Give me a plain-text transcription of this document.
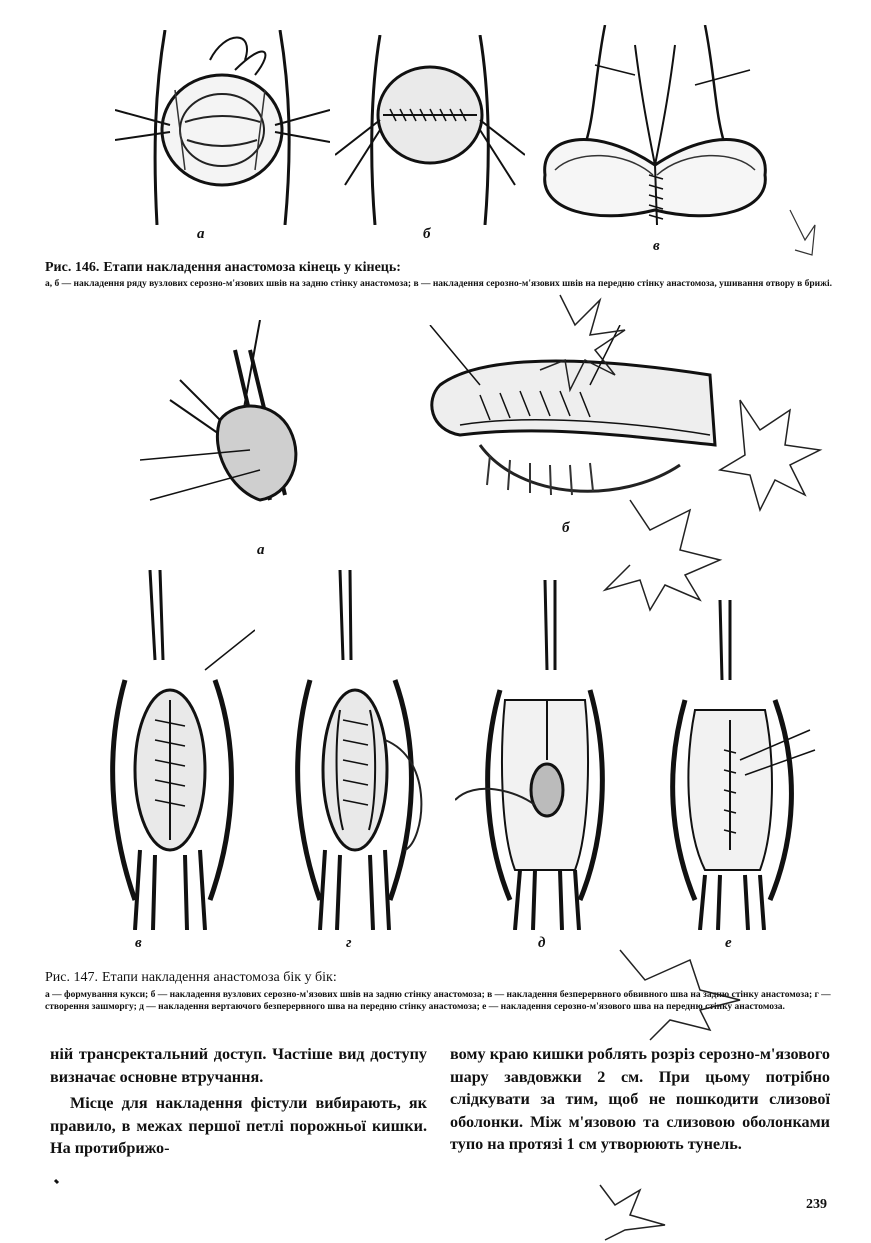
а	б
в
Рис. 146. Етапи накладення анастомоза кінець у кінець:
а, б — накладення ряду вузлових серозно-м'язових швів на задню стінку анастомоза; в — накладення серозно-м'язових швів на передню стінку анастомоза, ушивання отвору в брижі.
а
б
в	г	д	е
Рис. 147. Етапи накладення анастомоза бік у бік:
а — формування кукси; б — накладення вузлових серозно-м'язових швів на задню стінку анастомоза; в — накладення безперервного обвивного шва на задню стінку анастомоза; г — створення зашморгу; д — накладення вертаючого безперервного шва на передню стінку анастомоза; е — накладення серозно-м'язового шва на передню стінку анастомоза.

ній трансректальний доступ. Частіше вид доступу визначає основне втручання.

Місце для накладення фістули вибирають, як правило, в межах першої петлі порожньої кишки. На протибрижо-

вому краю кишки роблять розріз серозно-м'язового шару завдовжки 2 см. При цьому потрібно слідкувати за тим, щоб не пошкодити слизової оболонки. Між м'язовою та слизовою оболонками тупо на протязі 1 см утворюють тунель.

239
